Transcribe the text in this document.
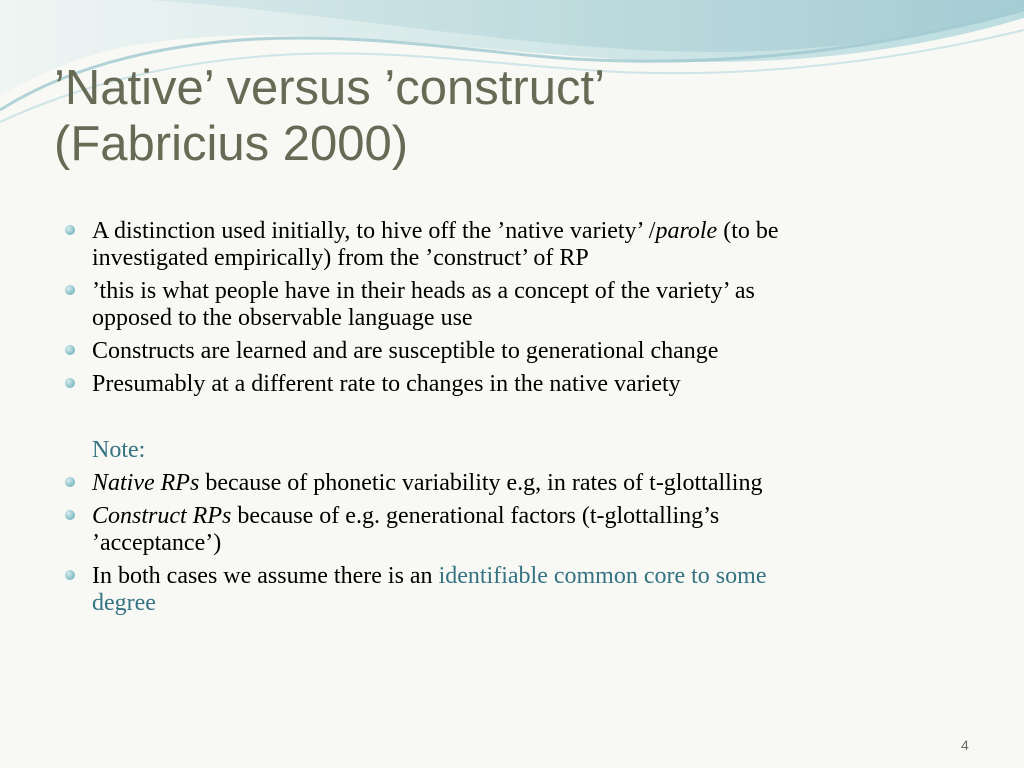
’Native’ versus ’construct’
(Fabricius 2000)
A distinction used initially, to hive off the ’native variety’ /parole (to be
investigated empirically) from the ’construct’ of RP
’this is what people have in their heads as a concept of the variety’ as
opposed to the observable language use
Constructs are learned and are susceptible to generational change
Presumably at a different rate to changes in the native variety
Note:
Native RPs because of phonetic variability e.g, in rates of t-glottalling
Construct RPs because of e.g. generational factors (t-glottalling’s
’acceptance’)
In both cases we assume there is an identifiable common core to some
degree
4
